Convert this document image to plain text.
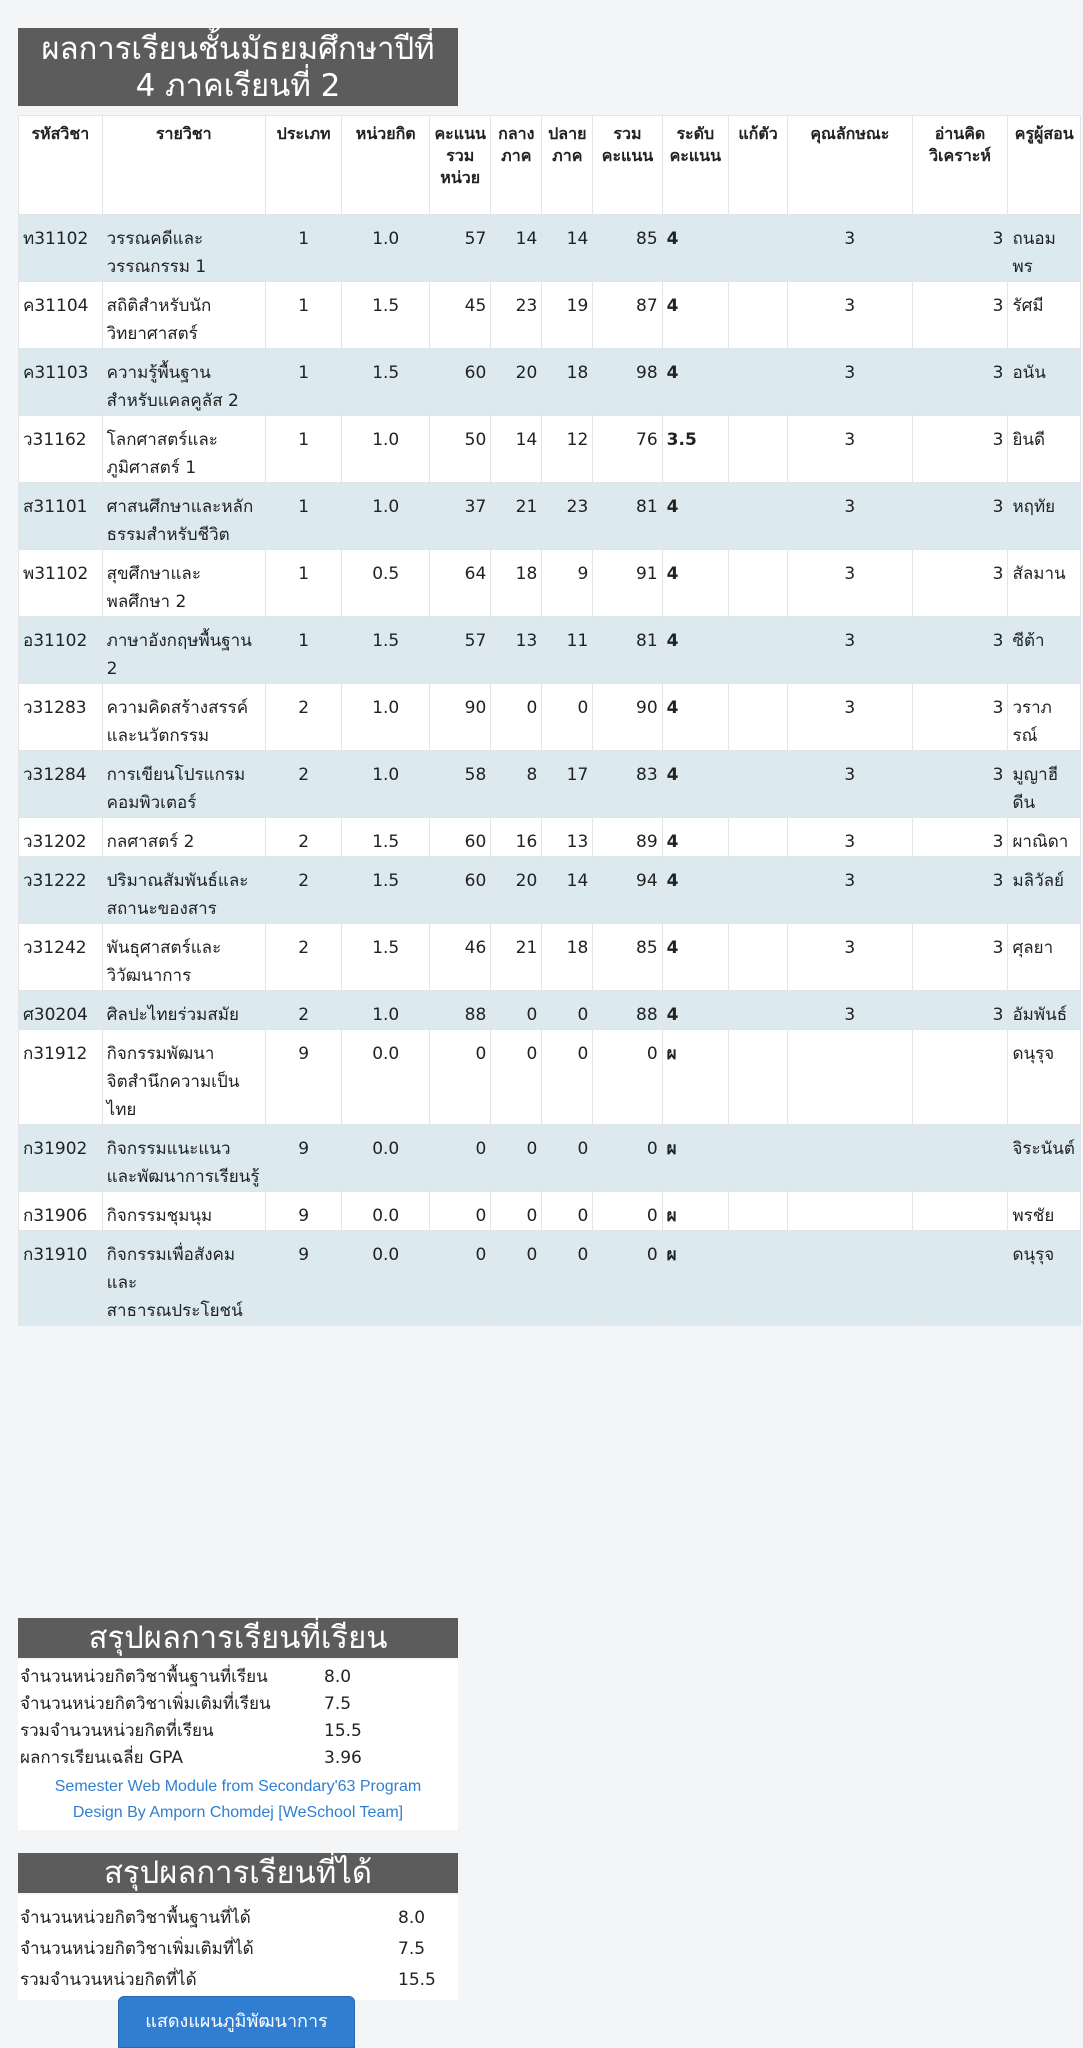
ผลการเรียนชั้นมัธยมศึกษาปีที่
4 ภาคเรียนที่ 2
รหัสวิชา	รายวิชา	ประเภท	หน่วยกิต	คะแนนรวมหน่วย	กลางภาค	ปลายภาค	รวมคะแนน	ระดับคะแนน	แก้ตัว	คุณลักษณะ	อ่านคิดวิเคราะห์	ครูผู้สอน
ท31102	วรรณคดีและวรรณกรรม 1	1	1.0	57	14	14	85	4		3	3	ถนอมพร
ค31104	สถิติสำหรับนักวิทยาศาสตร์	1	1.5	45	23	19	87	4		3	3	รัศมี
ค31103	ความรู้พื้นฐานสำหรับแคลคูลัส 2	1	1.5	60	20	18	98	4		3	3	อนัน
ว31162	โลกศาสตร์และภูมิศาสตร์ 1	1	1.0	50	14	12	76	3.5		3	3	ยินดี
ส31101	ศาสนศึกษาและหลักธรรมสำหรับชีวิต	1	1.0	37	21	23	81	4		3	3	หฤทัย
พ31102	สุขศึกษาและพลศึกษา 2	1	0.5	64	18	9	91	4		3	3	สัลมาน
อ31102	ภาษาอังกฤษพื้นฐาน 2	1	1.5	57	13	11	81	4		3	3	ซีต้า
ว31283	ความคิดสร้างสรรค์และนวัตกรรม	2	1.0	90	0	0	90	4		3	3	วราภรณ์
ว31284	การเขียนโปรแกรมคอมพิวเตอร์	2	1.0	58	8	17	83	4		3	3	มูญาฮีดีน
ว31202	กลศาสตร์ 2	2	1.5	60	16	13	89	4		3	3	ผาณิดา
ว31222	ปริมาณสัมพันธ์และสถานะของสาร	2	1.5	60	20	14	94	4		3	3	มลิวัลย์
ว31242	พันธุศาสตร์และวิวัฒนาการ	2	1.5	46	21	18	85	4		3	3	ศุลยา
ศ30204	ศิลปะไทยร่วมสมัย	2	1.0	88	0	0	88	4		3	3	อัมพันธ์
ก31912	กิจกรรมพัฒนาจิตสำนึกความเป็นไทย	9	0.0	0	0	0	0	ผ				ดนุรุจ
ก31902	กิจกรรมแนะแนวและพัฒนาการเรียนรู้	9	0.0	0	0	0	0	ผ				จิระนันต์
ก31906	กิจกรรมชุมนุม	9	0.0	0	0	0	0	ผ				พรชัย
ก31910	กิจกรรมเพื่อสังคมและสาธารณประโยชน์	9	0.0	0	0	0	0	ผ				ดนุรุจ
สรุปผลการเรียนที่เรียน
จำนวนหน่วยกิตวิชาพื้นฐานที่เรียน	8.0
จำนวนหน่วยกิตวิชาเพิ่มเติมที่เรียน	7.5
รวมจำนวนหน่วยกิตที่เรียน	15.5
ผลการเรียนเฉลี่ย GPA	3.96
Semester Web Module from Secondary'63 Program
Design By Amporn Chomdej [WeSchool Team]
สรุปผลการเรียนที่ได้
จำนวนหน่วยกิตวิชาพื้นฐานที่ได้	8.0
จำนวนหน่วยกิตวิชาเพิ่มเติมที่ได้	7.5
รวมจำนวนหน่วยกิตที่ได้	15.5
แสดงแผนภูมิพัฒนาการ
